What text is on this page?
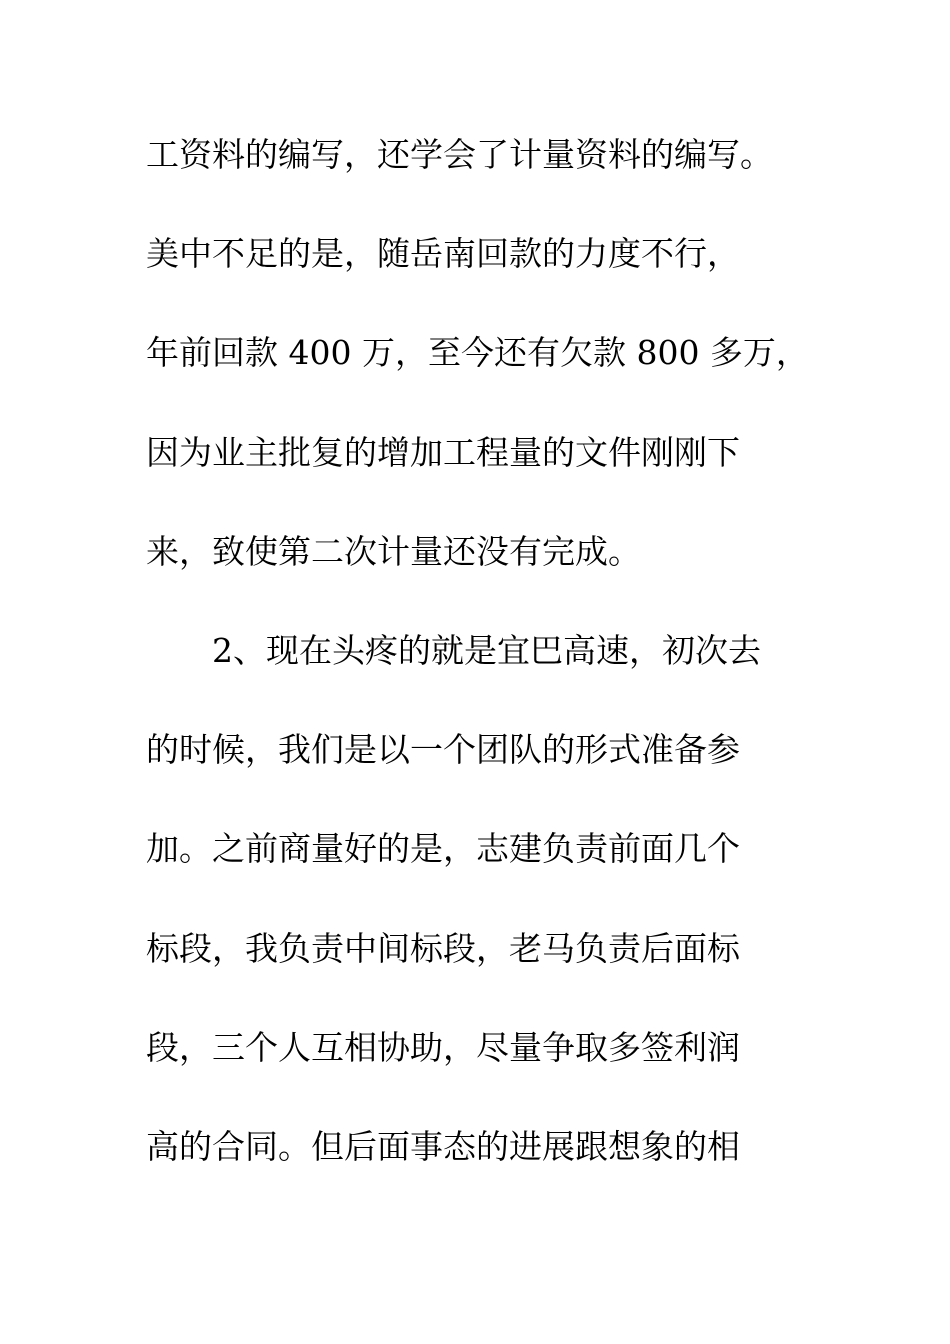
工资料的编写，还学会了计量资料的编写。
美中不足的是，随岳南回款的力度不行，
年前回款 400 万，至今还有欠款 800 多万，
因为业主批复的增加工程量的文件刚刚下
来，致使第二次计量还没有完成。
2、现在头疼的就是宜巴高速，初次去
的时候，我们是以一个团队的形式准备参
加。之前商量好的是，志建负责前面几个
标段，我负责中间标段，老马负责后面标
段，三个人互相协助，尽量争取多签利润
高的合同。但后面事态的进展跟想象的相
